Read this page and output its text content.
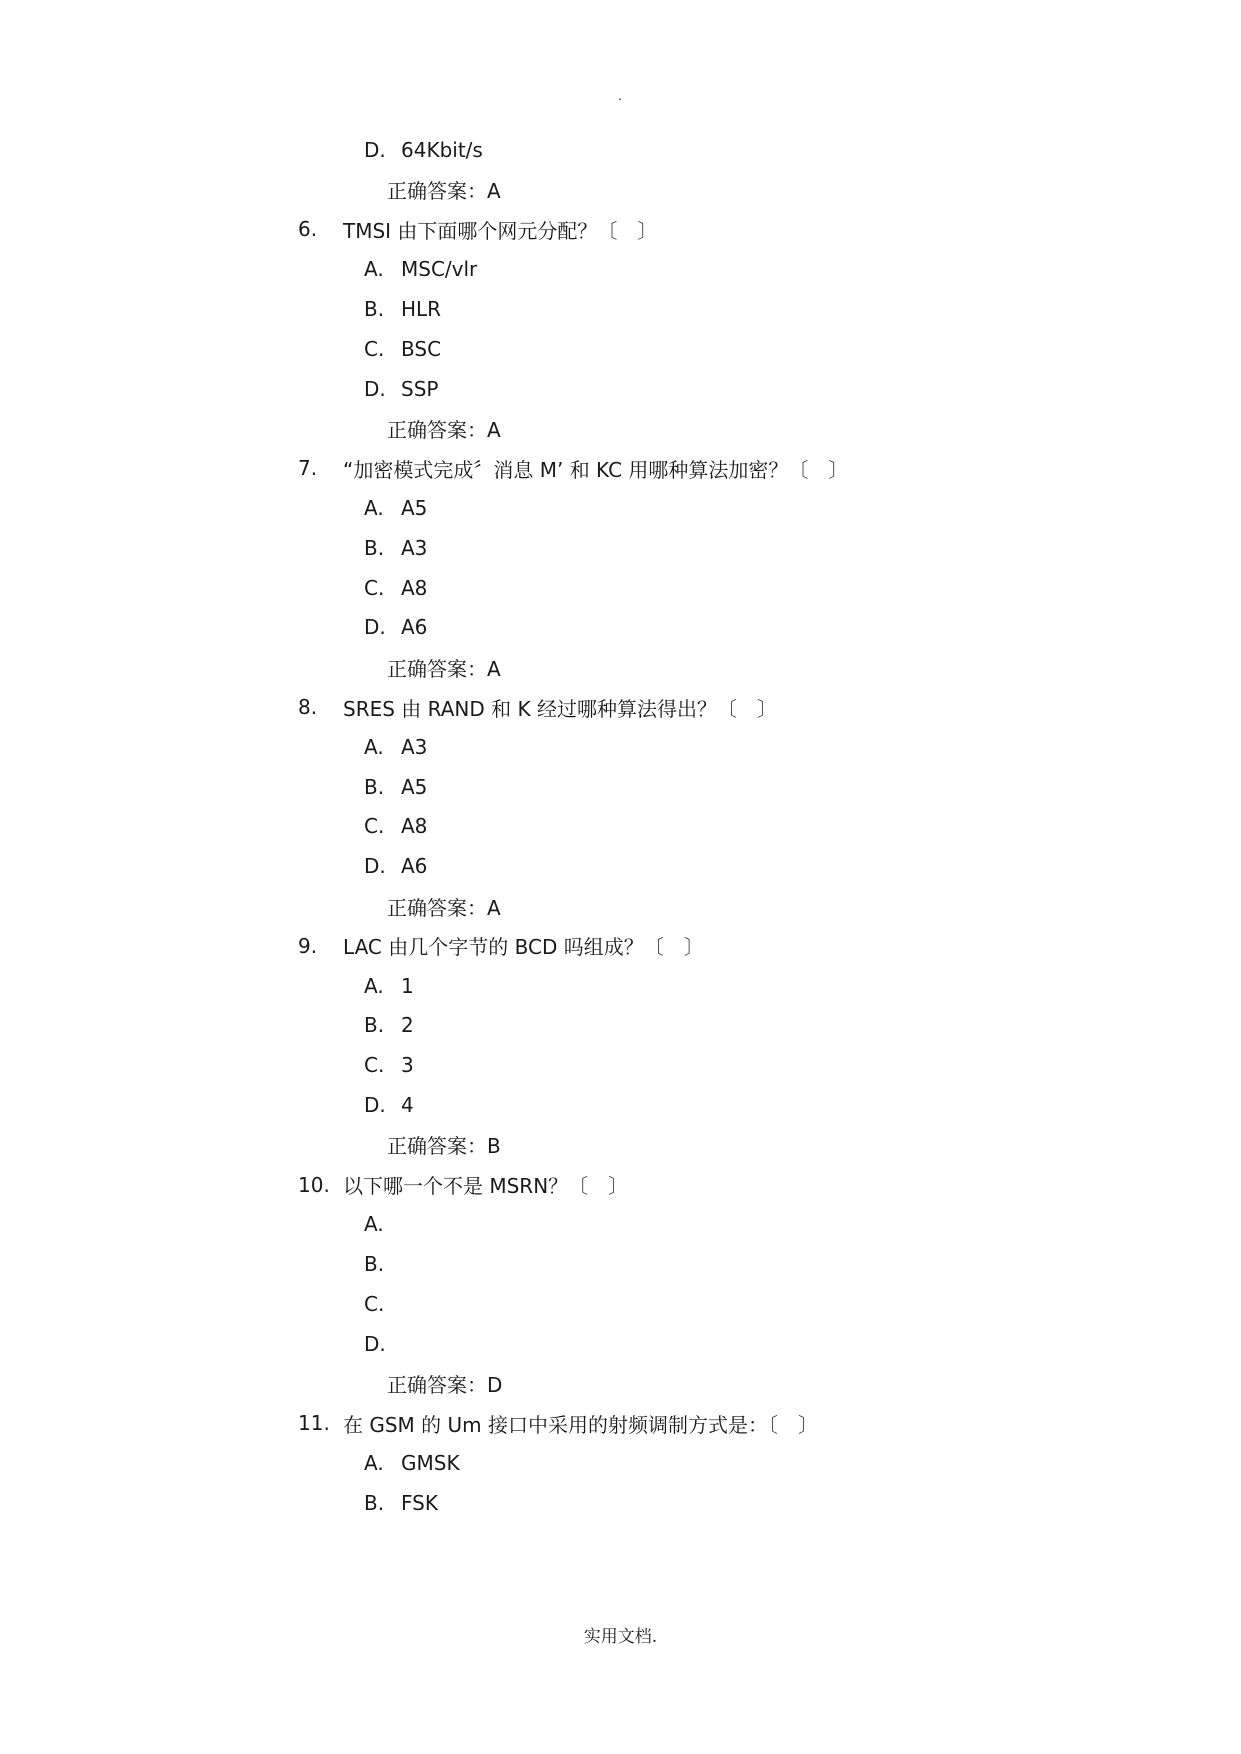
.
D. 64Kbit/s
正确答案：A
6.	TMSI 由下面哪个网元分配？〔　〕
A. MSC/vlr
B. HLR
C. BSC
D. SSP
正确答案：A
7.	“加密模式完成〞消息 M’ 和 KC 用哪种算法加密？〔　〕
A. A5
B. A3
C. A8
D. A6
正确答案：A
8.	SRES 由 RAND 和 K 经过哪种算法得出？〔　〕
A. A3
B. A5
C. A8
D. A6
正确答案：A
9.	LAC 由几个字节的 BCD 吗组成？〔　〕
A. 1
B. 2
C. 3
D. 4
正确答案：B
10. 以下哪一个不是 MSRN？〔　〕
A.
B.
C.
D.
正确答案：D
11. 在 GSM 的 Um 接口中采用的射频调制方式是：〔　〕
A. GMSK
B. FSK
实用文档.
